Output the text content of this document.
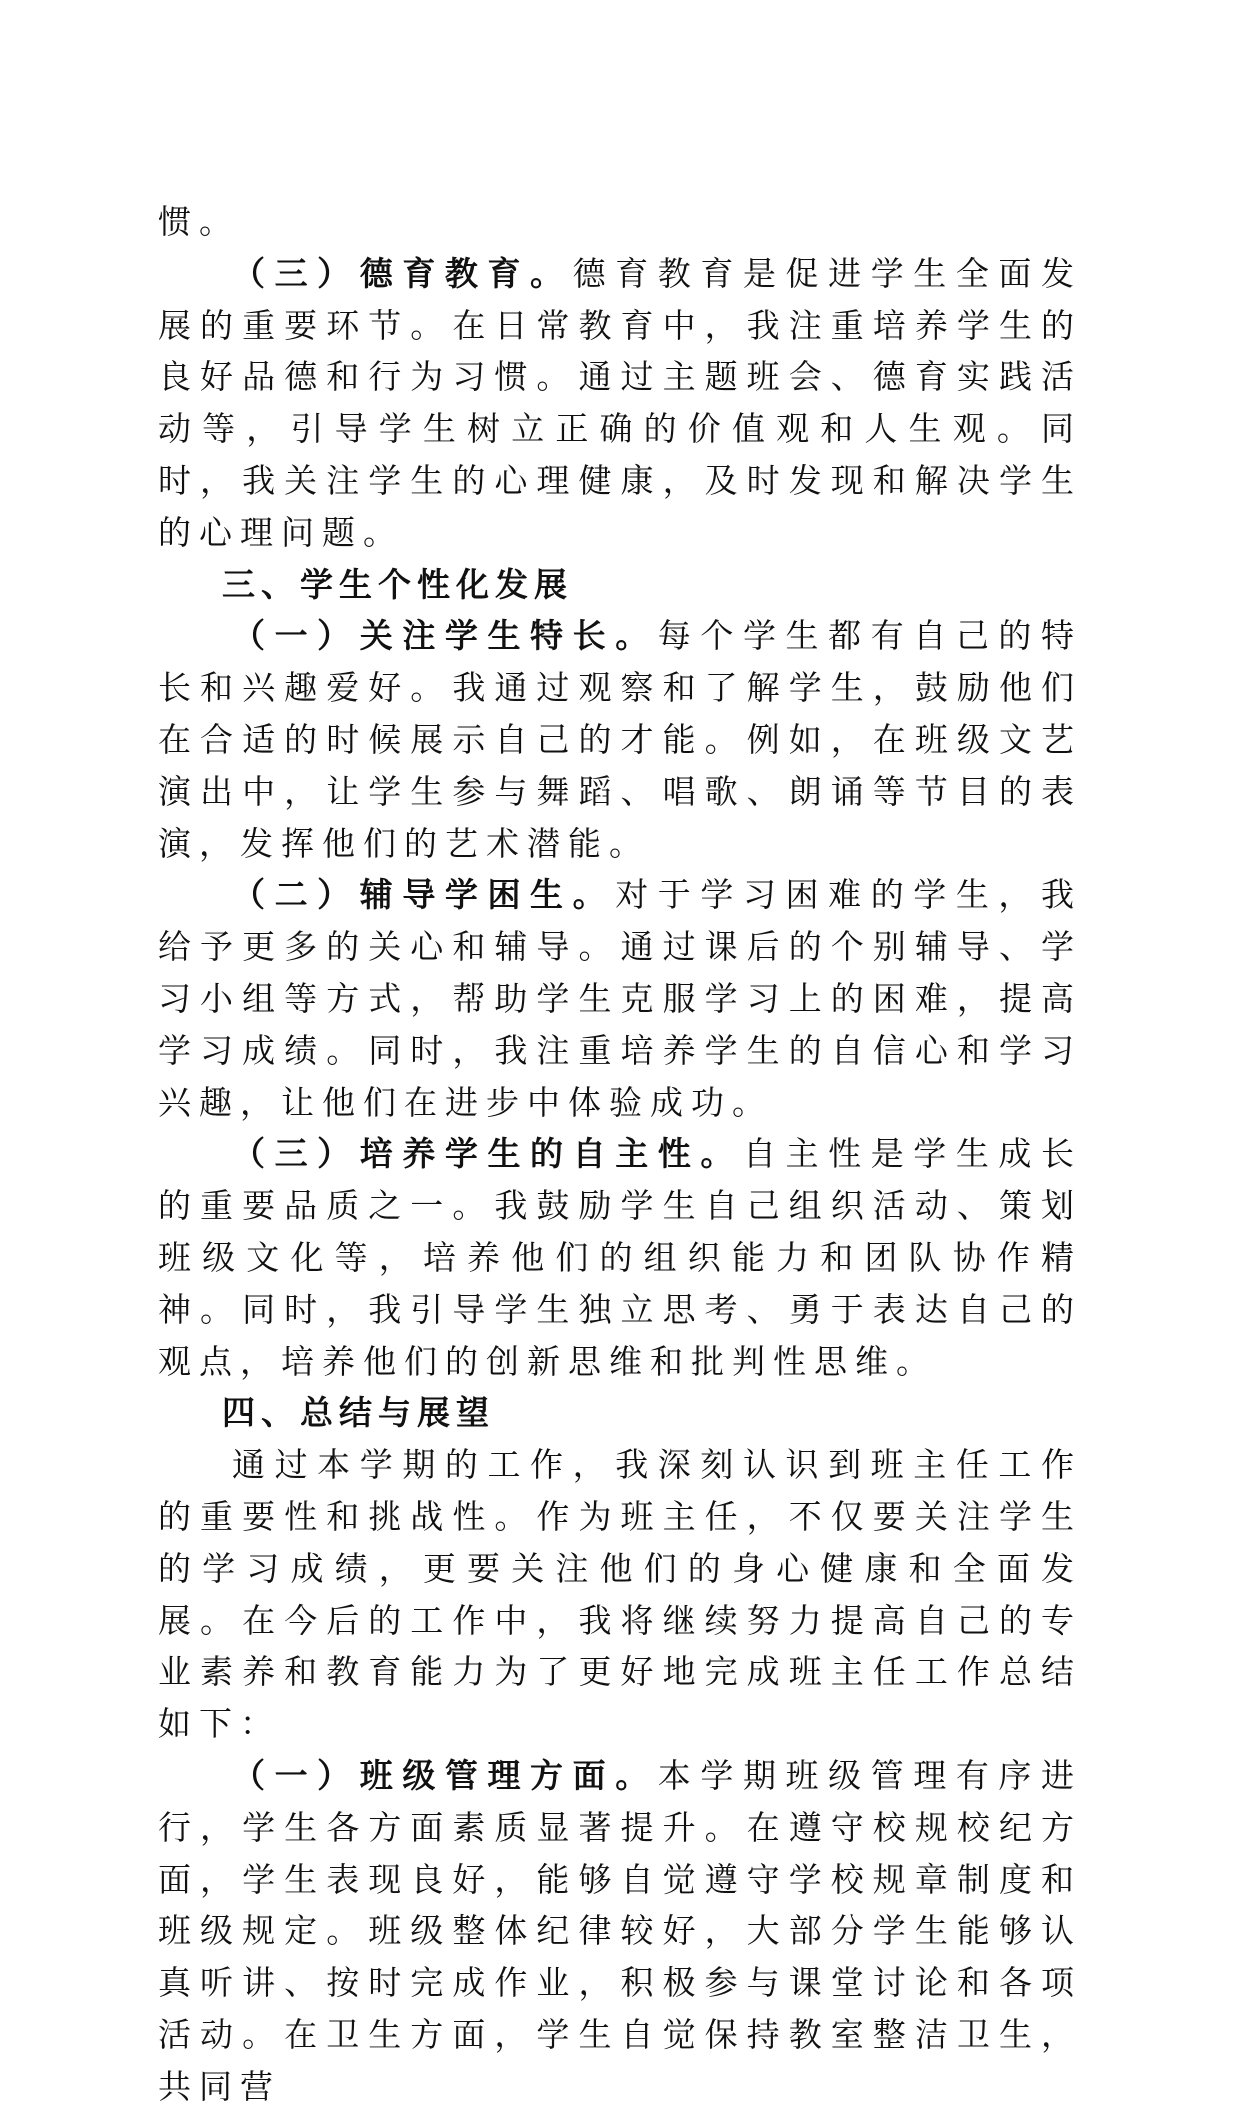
惯。

（三）德育教育。德育教育是促进学生全面发展的重要环节。在日常教育中，我注重培养学生的良好品德和行为习惯。通过主题班会、德育实践活动等，引导学生树立正确的价值观和人生观。同时，我关注学生的心理健康，及时发现和解决学生的心理问题。

三、学生个性化发展

（一）关注学生特长。每个学生都有自己的特长和兴趣爱好。我通过观察和了解学生，鼓励他们在合适的时候展示自己的才能。例如，在班级文艺演出中，让学生参与舞蹈、唱歌、朗诵等节目的表演，发挥他们的艺术潜能。

（二）辅导学困生。对于学习困难的学生，我给予更多的关心和辅导。通过课后的个别辅导、学习小组等方式，帮助学生克服学习上的困难，提高学习成绩。同时，我注重培养学生的自信心和学习兴趣，让他们在进步中体验成功。

（三）培养学生的自主性。自主性是学生成长的重要品质之一。我鼓励学生自己组织活动、策划班级文化等，培养他们的组织能力和团队协作精神。同时，我引导学生独立思考、勇于表达自己的观点，培养他们的创新思维和批判性思维。

四、总结与展望

通过本学期的工作，我深刻认识到班主任工作的重要性和挑战性。作为班主任，不仅要关注学生的学习成绩，更要关注他们的身心健康和全面发展。在今后的工作中，我将继续努力提高自己的专业素养和教育能力为了更好地完成班主任工作总结如下：

（一）班级管理方面。本学期班级管理有序进行，学生各方面素质显著提升。在遵守校规校纪方面，学生表现良好，能够自觉遵守学校规章制度和班级规定。班级整体纪律较好，大部分学生能够认真听讲、按时完成作业，积极参与课堂讨论和各项活动。在卫生方面，学生自觉保持教室整洁卫生，共同营
